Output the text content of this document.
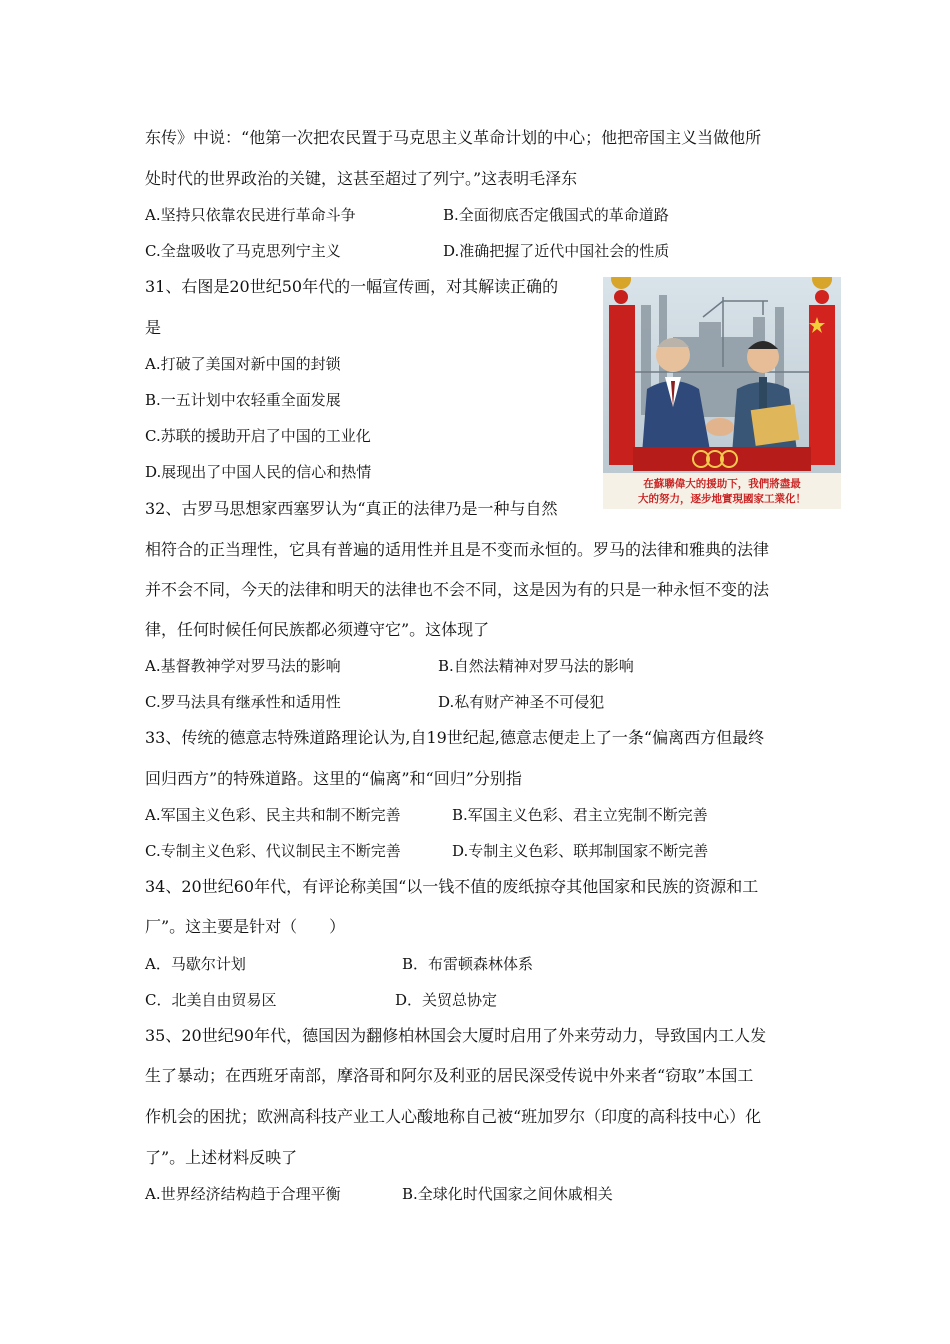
东传》中说：“他第一次把农民置于马克思主义革命计划的中心；他把帝国主义当做他所
处时代的世界政治的关键，这甚至超过了列宁。”这表明毛泽东
A.坚持只依靠农民进行革命斗争	B.全面彻底否定俄国式的革命道路
C.全盘吸收了马克思列宁主义	D.准确把握了近代中国社会的性质
31、右图是20世纪50年代的一幅宣传画，对其解读正确的
是
A.打破了美国对新中国的封锁
B.一五计划中农轻重全面发展
C.苏联的援助开启了中国的工业化
D.展现出了中国人民的信心和热情
在蘇聯偉大的援助下，我們將盡最
大的努力，逐步地實現國家工業化！
32、古罗马思想家西塞罗认为“真正的法律乃是一种与自然
相符合的正当理性，它具有普遍的适用性并且是不变而永恒的。罗马的法律和雅典的法律
并不会不同，今天的法律和明天的法律也不会不同，这是因为有的只是一种永恒不变的法
律，任何时候任何民族都必须遵守它”。这体现了
A.基督教神学对罗马法的影响	B.自然法精神对罗马法的影响
C.罗马法具有继承性和适用性	D.私有财产神圣不可侵犯
33、传统的德意志特殊道路理论认为,自19世纪起,德意志便走上了一条“偏离西方但最终
回归西方”的特殊道路。这里的“偏离”和“回归”分别指
A.军国主义色彩、民主共和制不断完善	B.军国主义色彩、君主立宪制不断完善
C.专制主义色彩、代议制民主不断完善	D.专制主义色彩、联邦制国家不断完善
34、20世纪60年代，有评论称美国“以一钱不值的废纸掠夺其他国家和民族的资源和工
厂”。这主要是针对（　　）
A．马歇尔计划	B．布雷顿森林体系
C．北美自由贸易区	D．关贸总协定
35、20世纪90年代，德国因为翻修柏林国会大厦时启用了外来劳动力，导致国内工人发
生了暴动；在西班牙南部，摩洛哥和阿尔及利亚的居民深受传说中外来者“窃取”本国工
作机会的困扰；欧洲高科技产业工人心酸地称自己被“班加罗尔（印度的高科技中心）化
了”。上述材料反映了
A.世界经济结构趋于合理平衡	B.全球化时代国家之间休戚相关
